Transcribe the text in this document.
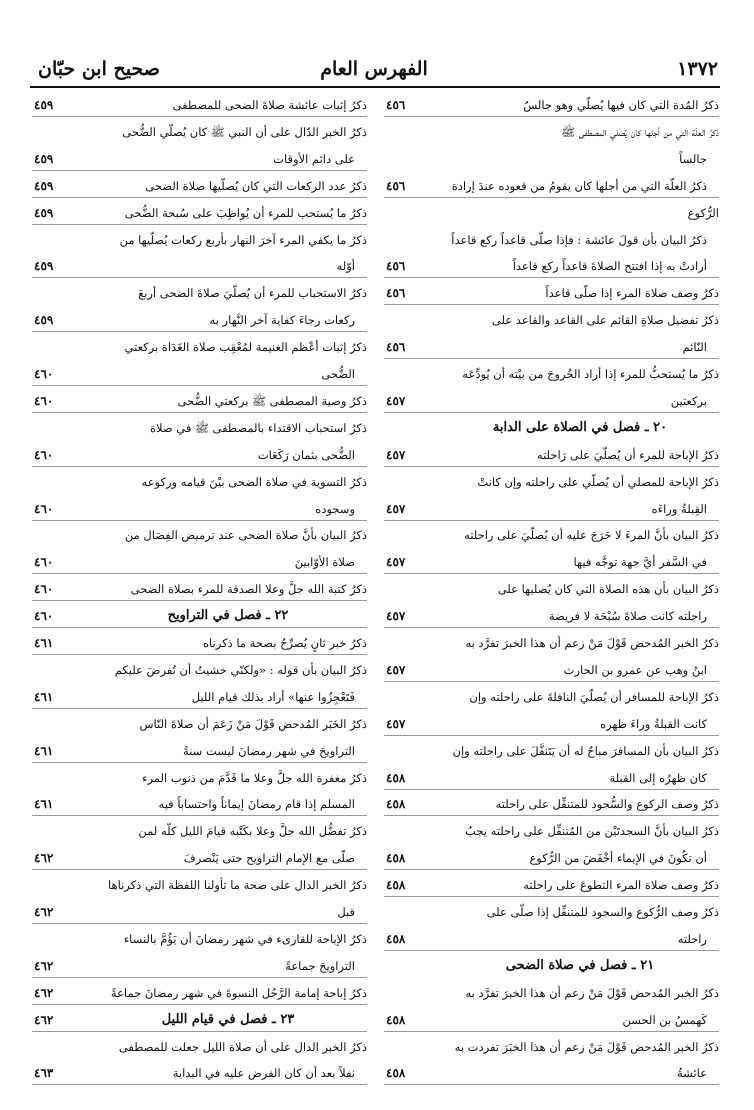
١٣٧٢
الفهرس العام
صحيح ابن حبّان
ذكرُ المُدة التي كان فيها يُصلّي وهو جالسٌ
٤٥٦
ذكرُ العلّة التي من أجلها كان يُصلي المصطفى ﷺ
جالساً
ذكرُ العلّة التي من أجلها كان يقومُ من قعوده عندَ إرادة
٤٥٦
الرُّكوع
ذكرُ البيان بأن قولَ عائشة : فإذا صلّى قاعداً ركع قاعداً
أرادتْ به إذا افتتح الصلاةَ قاعداً ركع قاعداً
٤٥٦
ذكرُ وصف صلاة المرء إذا صلّى قاعداً
٤٥٦
ذكرُ تفضيل صلاةِ القائم على القاعد والقاعد على
النّائم
٤٥٦
ذكرُ ما يُستحبُّ للمرء إذا أراد الخُروجَ من بيْته أن يُودِّعَه
بركعتين
٤٥٧
٢٠ ـ فصل في الصلاة على الدابة
ذكرُ الإباحة للمرء أن يُصلّيَ على رَاحلته
٤٥٧
ذكرُ الإباحة للمصلي أن يُصلّي على راحلته وإن كانتْ
القِبلةُ وراءَه
٤٥٧
ذكرُ البيان بأنَّ المرءَ لا حَرَجَ عليه أن يُصلّيَ على راحلته
في السَّفر أيَّ جهة توجَّه فيها
٤٥٧
ذكرُ البيان بأن هذه الصلاة التي كان يُصليها على
راحلته كانت صلاةَ سُبْحَة لا فريضة
٤٥٧
ذكرُ الخبر المُدحض قَوْلَ مَنْ زعم أن هذا الخبرَ تفرَّد به
ابنُ وهب عن عمرو بن الحارث
٤٥٧
ذكرُ الإباحة للمسافر أن يُصلّيَ النافلةَ على راحلته وإن
كانت القبلةُ وراءَ ظهره
٤٥٧
ذكرُ البيان بأن المسافرَ مباحٌ له أن يَتَنفَّلَ على راحلته وإن
كان ظهرُه إلى القبلة
٤٥٨
ذكرُ وصف الركوع والسُّجود للمتنفِّل على راحلته
٤٥٨
ذكرُ البيان بأنَّ السجدتَيْن من المُتنفِّل على راحلته يجبُ
أن تكُونَ في الإيماء أخْفَضَ من الرُّكوع
٤٥٨
ذكرُ وصف صلاة المرء التطوعَ على راحلته
٤٥٨
ذكرُ وصف الرُّكوع والسجود للمتنفِّل إذا صلّى على
راحلته
٤٥٨
٢١ ـ فصل في صلاة الضحى
ذكرُ الخبر المُدحض قَوْلَ مَنْ زعم أن هذا الخبرَ تفرَّد به
كَهمسُ بن الحسن
٤٥٨
ذكرُ الخبر المُدحض قَوْلَ مَنْ زعم أن هذا الخبَرَ تفردت به
عائشةُ
٤٥٨
ذكرُ إثبات عائشة صلاةَ الضحى للمصطفى
٤٥٩
ذكرُ الخبر الدّال على أن النبي ﷺ كان يُصلّي الضُّحى
على دائم الأوقات
٤٥٩
ذكرُ عدد الركعات التي كان يُصلّيها صلاة الضحى
٤٥٩
ذكرُ ما يُستحب للمرء أن يُواظِبَ على سُبحة الضُّحى
٤٥٩
ذكرُ ما يكفي المرء آخرَ النهار بأربع ركعات يُصلّيها من
أوّله
٤٥٩
ذكرُ الاستحباب للمرء أن يُصلّيَ صلاةَ الضحى أربعَ
ركعات رجاءَ كفاية آخر النَّهار به
٤٥٩
ذكرُ إثبات أعْظم الغنيمة لمُعْقِب صلاة الغَدَاة بركعتي
الضُّحى
٤٦٠
ذكرُ وصية المصطفى ﷺ بركعتي الضُّحى
٤٦٠
ذكرُ استحباب الاقتداء بالمصطفى ﷺ في صلاة
الضُّحى بثمان رَكَعَات
٤٦٠
ذكرُ التسوية في صلاة الضحى بيْنَ قيامه وركوعه
وسجوده
٤٦٠
ذكرُ البيان بأنَّ صلاة الضحى عند ترميض الفِصَال من
صلاة الأوّابينَ
٤٦٠
ذكرُ كتبة الله جلَّ وعلا الصدقة للمرء بصلاة الضحى
٤٦٠
٢٢ ـ فصل في التراويح
٤٦٠
ذكرُ خبر ثانٍ يُصرِّحُ بصحة ما ذكرناه
٤٦١
ذكرُ البيان بأن قوله : «ولكنّي خشيتُ أن تُفرضَ عليكم
فَتَعْجِزُوا عنها» أراد بذلك قيام الليل
٤٦١
ذكرُ الخَبَر المُدحض قَوْلَ مَنْ زَعَمَ أن صلاةَ النّاس
التراويحَ في شهر رمضانَ ليست سنةً
٤٦١
ذكرُ مغفرة الله جلَّ وعلا ما قَدَّمَ من ذنوب المرء
المسلم إذا قام رمضانَ إيماناً واحتساباً فيه
٤٦١
ذكرُ تفضُّل الله جلَّ وعلا بكَتْبه قيامَ الليل كلّه لمن
صلّى مع الإمام التراويح حتى يَنْصرفَ
٤٦٢
ذكرُ الخبر الدال على صحة ما تأولنا اللفظة التي ذكرناها
قبل
٤٦٢
ذكرُ الإباحة للقارىء في شهر رمضانَ أن يَؤُمَّ بالنساء
التراويحَ جماعةً
٤٦٢
ذكرُ إباحة إمامة الرَّجُل النسوةَ في شهر رمضانَ جماعةً
٤٦٢
٢٣ ـ فصل في قيام الليل
٤٦٢
ذكرُ الخبر الدال على أن صلاة الليل جعلت للمصطفى
نفلاً بعد أن كان الفرض عليه في البداية
٤٦٣
